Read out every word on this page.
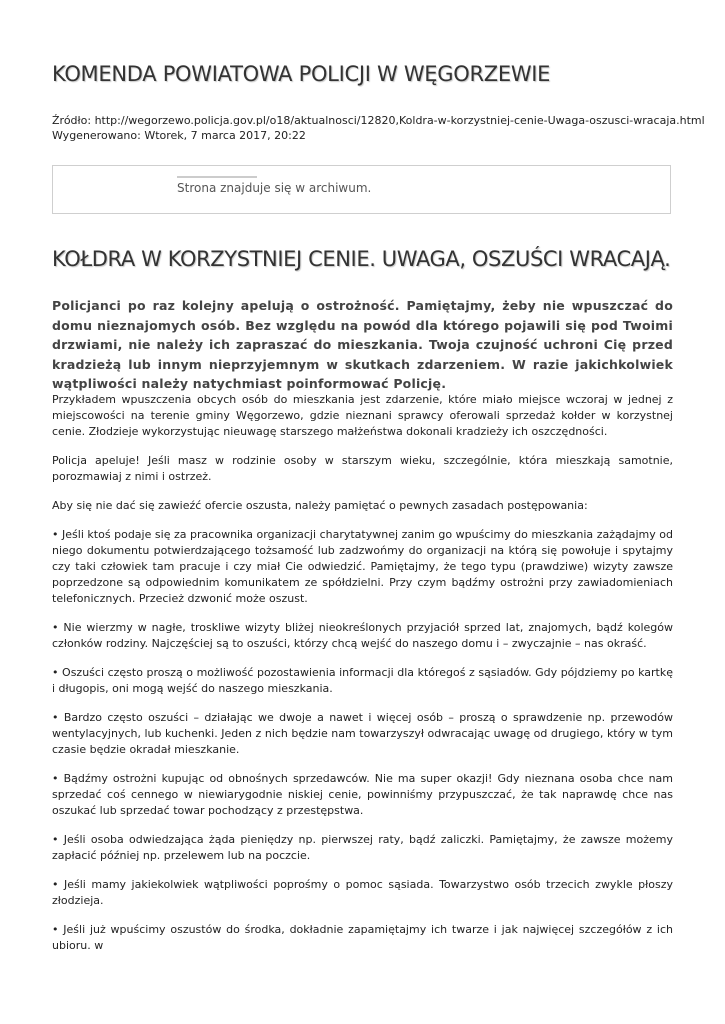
KOMENDA POWIATOWA POLICJI W WĘGORZEWIE
Źródło: http://wegorzewo.policja.gov.pl/o18/aktualnosci/12820,Koldra-w-korzystniej-cenie-Uwaga-oszusci-wracaja.html
Wygenerowano: Wtorek, 7 marca 2017, 20:22
Strona znajduje się w archiwum.
KOŁDRA W KORZYSTNIEJ CENIE. UWAGA, OSZUŚCI WRACAJĄ.

Policjanci po raz kolejny apelują o ostrożność. Pamiętajmy, żeby nie wpuszczać do domu nieznajomych osób. Bez względu na powód dla którego pojawili się pod Twoimi drzwiami, nie należy ich zapraszać do mieszkania. Twoja czujność uchroni Cię przed kradzieżą lub innym nieprzyjemnym w skutkach zdarzeniem. W razie jakichkolwiek wątpliwości należy natychmiast poinformować Policję.

Przykładem wpuszczenia obcych osób do mieszkania jest zdarzenie, które miało miejsce wczoraj w jednej z miejscowości na terenie gminy Węgorzewo, gdzie nieznani sprawcy oferowali sprzedaż kołder w korzystnej cenie. Złodzieje wykorzystując nieuwagę starszego małżeństwa dokonali kradzieży ich oszczędności.

Policja apeluje! Jeśli masz w rodzinie osoby w starszym wieku, szczególnie, która mieszkają samotnie, porozmawiaj z nimi i ostrzeż.

Aby się nie dać się zawieźć ofercie oszusta, należy pamiętać o pewnych zasadach postępowania:

• Jeśli ktoś podaje się za pracownika organizacji charytatywnej zanim go wpuścimy do mieszkania zażądajmy od niego dokumentu potwierdzającego tożsamość lub zadzwońmy do organizacji na którą się powołuje i spytajmy czy taki człowiek tam pracuje i czy miał Cie odwiedzić. Pamiętajmy, że tego typu (prawdziwe) wizyty zawsze poprzedzone są odpowiednim komunikatem ze spółdzielni. Przy czym bądźmy ostrożni przy zawiadomieniach telefonicznych. Przecież dzwonić może oszust.

• Nie wierzmy w nagłe, troskliwe wizyty bliżej nieokreślonych przyjaciół sprzed lat, znajomych, bądź kolegów członków rodziny. Najczęściej są to oszuści, którzy chcą wejść do naszego domu i – zwyczajnie – nas okraść.

• Oszuści często proszą o możliwość pozostawienia informacji dla któregoś z sąsiadów. Gdy pójdziemy po kartkę i długopis, oni mogą wejść do naszego mieszkania.

• Bardzo często oszuści – działając we dwoje a nawet i więcej osób – proszą o sprawdzenie np. przewodów wentylacyjnych, lub kuchenki. Jeden z nich będzie nam towarzyszył odwracając uwagę od drugiego, który w tym czasie będzie okradał mieszkanie.

• Bądźmy ostrożni kupując od obnośnych sprzedawców. Nie ma super okazji! Gdy nieznana osoba chce nam sprzedać coś cennego w niewiarygodnie niskiej cenie, powinniśmy przypuszczać, że tak naprawdę chce nas oszukać lub sprzedać towar pochodzący z przestępstwa.

• Jeśli osoba odwiedzająca żąda pieniędzy np. pierwszej raty, bądź zaliczki. Pamiętajmy, że zawsze możemy zapłacić później np. przelewem lub na poczcie.

• Jeśli mamy jakiekolwiek wątpliwości poprośmy o pomoc sąsiada. Towarzystwo osób trzecich zwykle płoszy złodzieja.

• Jeśli już wpuścimy oszustów do środka, dokładnie zapamiętajmy ich twarze i jak najwięcej szczegółów z ich ubioru. w
